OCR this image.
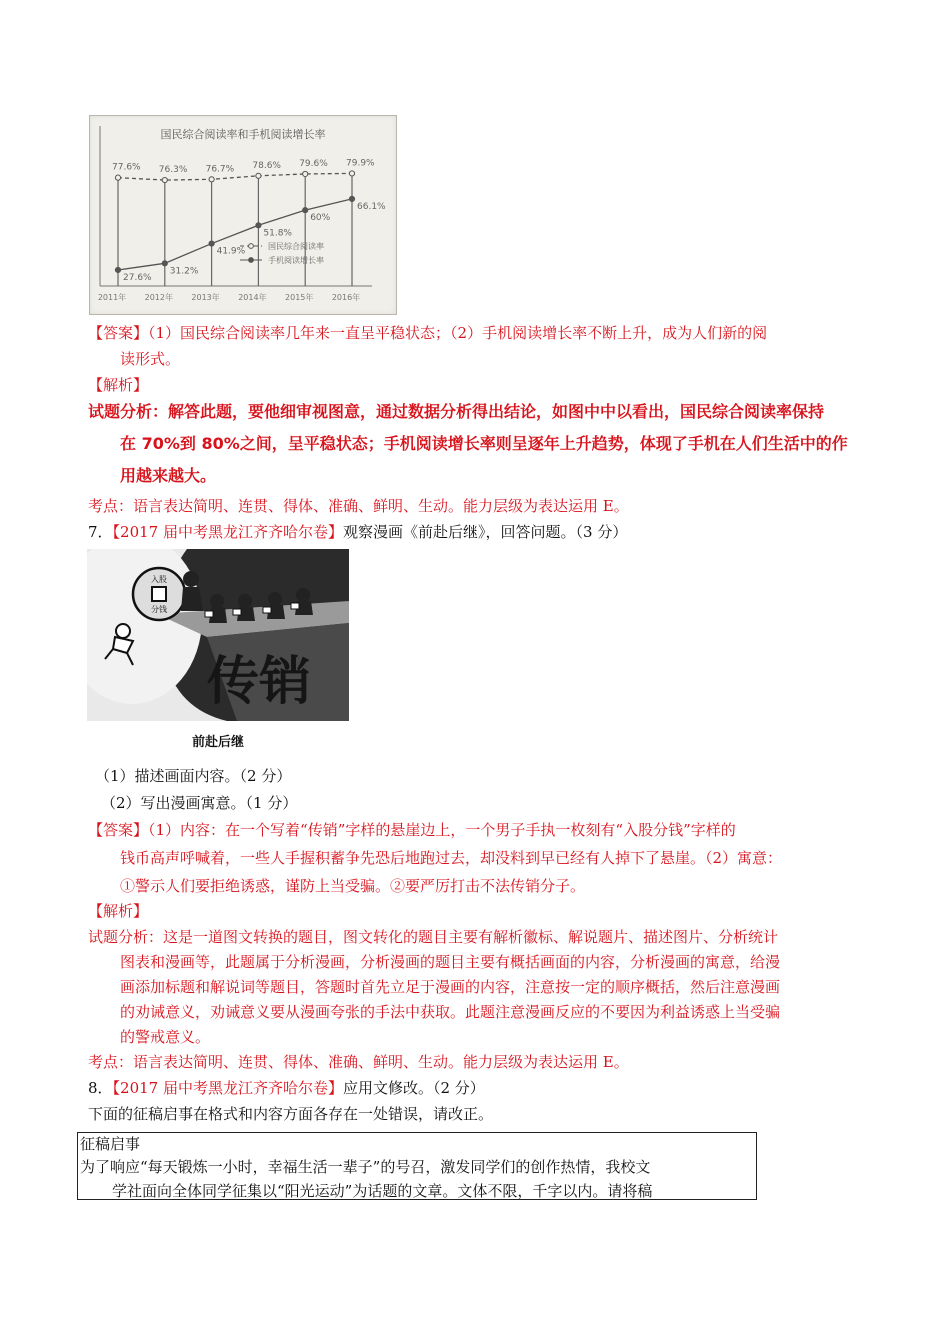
国民综合阅读率和手机阅读增长率
77.6% 76.3% 76.7% 78.6% 79.6% 79.9%
27.6%
31.2%
41.9%
51.8%
60%
66.1%
2011年 2012年 2013年 2014年 2015年 2016年
国民综合阅读率
手机阅读增长率
【答案】（1）国民综合阅读率几年来一直呈平稳状态；（2）手机阅读增长率不断上升，成为人们新的阅
读形式。
【解析】
试题分析：解答此题，要他细审视图意，通过数据分析得出结论，如图中中以看出，国民综合阅读率保持
在 70%到 80%之间，呈平稳状态；手机阅读增长率则呈逐年上升趋势，体现了手机在人们生活中的作
用越来越大。
考点：语言表达简明、连贯、得体、准确、鲜明、生动。能力层级为表达运用 E。
7．【2017 届中考黑龙江齐齐哈尔卷】观察漫画《前赴后继》，回答问题。（3 分）
传销
入股
分钱
前赴后继
（1）描述画面内容。（2 分）
（2）写出漫画寓意。（1 分）
【答案】（1）内容：在一个写着“传销”字样的悬崖边上，一个男子手执一枚刻有“入股分钱”字样的
钱币高声呼喊着，一些人手握积蓄争先恐后地跑过去，却没料到早已经有人掉下了悬崖。（2）寓意：
①警示人们要拒绝诱惑，谨防上当受骗。②要严厉打击不法传销分子。
【解析】
试题分析：这是一道图文转换的题目，图文转化的题目主要有解析徽标、解说题片、描述图片、分析统计
图表和漫画等，此题属于分析漫画，分析漫画的题目主要有概括画面的内容，分析漫画的寓意，给漫
画添加标题和解说词等题目，答题时首先立足于漫画的内容，注意按一定的顺序概括，然后注意漫画
的劝诫意义，劝诫意义要从漫画夸张的手法中获取。此题注意漫画反应的不要因为利益诱惑上当受骗
的警戒意义。
考点：语言表达简明、连贯、得体、准确、鲜明、生动。能力层级为表达运用 E。
8．【2017 届中考黑龙江齐齐哈尔卷】应用文修改。（2 分）
下面的征稿启事在格式和内容方面各存在一处错误，请改正。
征稿启事
为了响应“每天锻炼一小时，幸福生活一辈子”的号召，激发同学们的创作热情，我校文
学社面向全体同学征集以“阳光运动”为话题的文章。文体不限，千字以内。请将稿
